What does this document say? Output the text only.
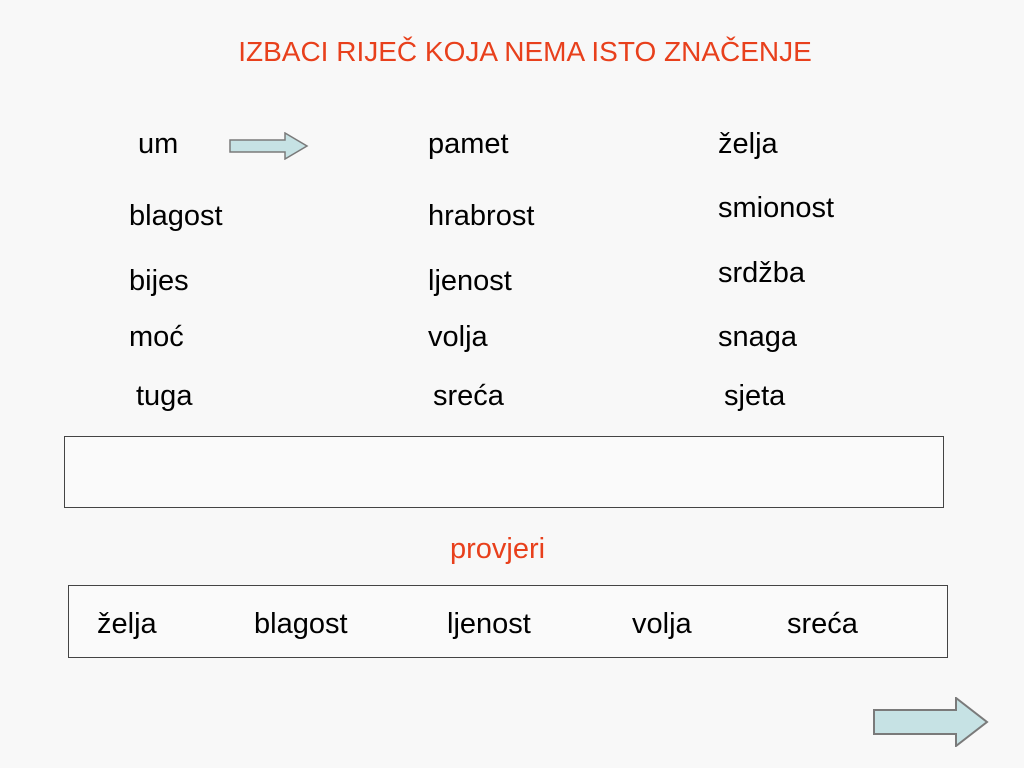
IZBACI RIJEČ KOJA NEMA ISTO ZNAČENJE
um	pamet	želja
blagost	hrabrost	smionost
bijes	ljenost	srdžba
moć	volja	snaga
tuga	sreća	sjeta
provjeri
želja	blagost	ljenost	volja	sreća
